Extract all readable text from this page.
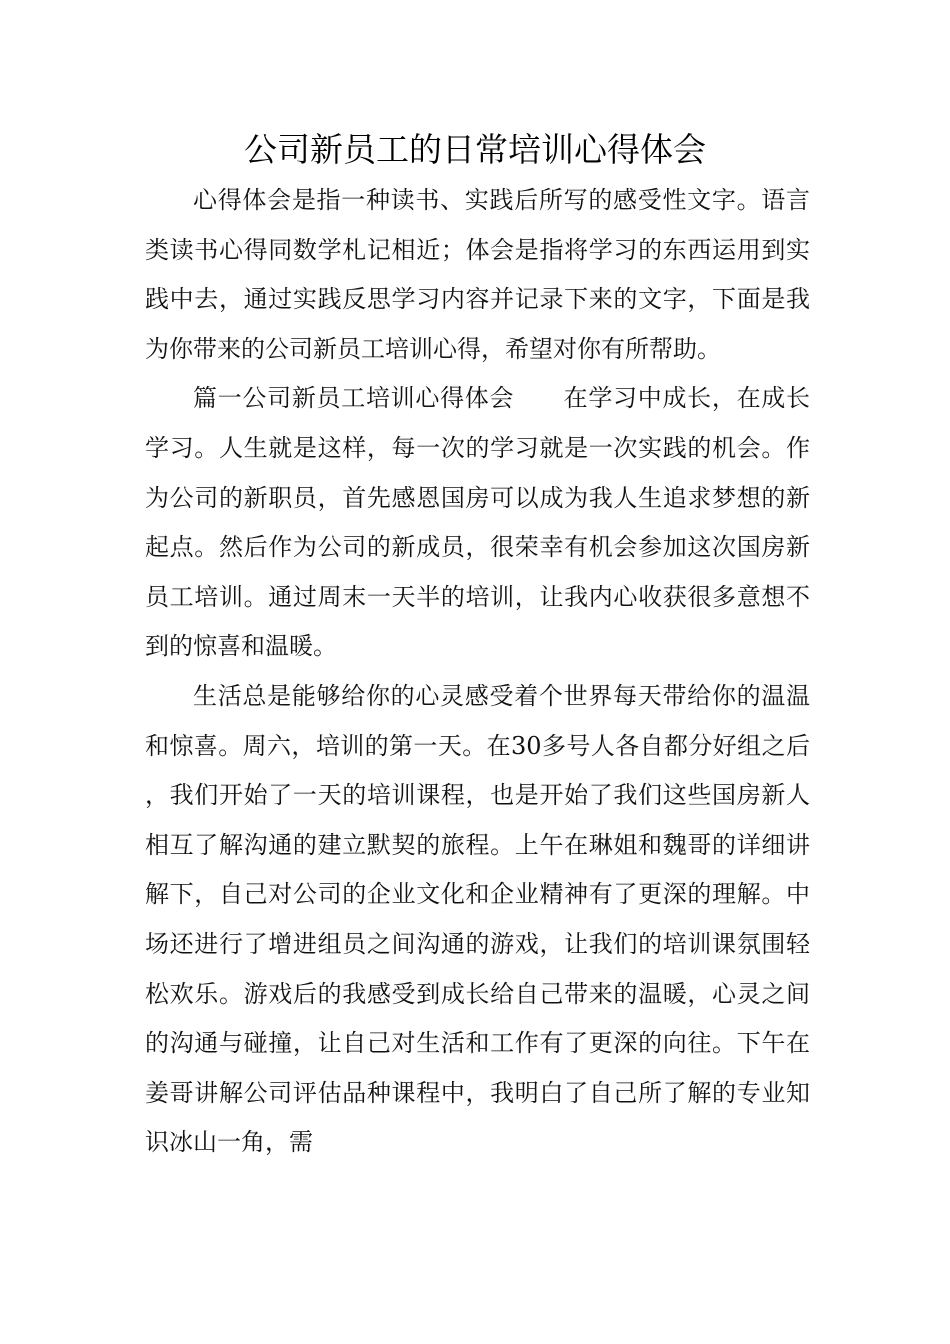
公司新员工的日常培训心得体会

心得体会是指一种读书、实践后所写的感受性文字。语言类读书心得同数学札记相近；体会是指将学习的东西运用到实践中去，通过实践反思学习内容并记录下来的文字，下面是我为你带来的公司新员工培训心得，希望对你有所帮助。

篇一公司新员工培训心得体会　　在学习中成长，在成长学习。人生就是这样，每一次的学习就是一次实践的机会。作为公司的新职员，首先感恩国房可以成为我人生追求梦想的新起点。然后作为公司的新成员，很荣幸有机会参加这次国房新员工培训。通过周末一天半的培训，让我内心收获很多意想不到的惊喜和温暖。

生活总是能够给你的心灵感受着个世界每天带给你的温温和惊喜。周六，培训的第一天。在30多号人各自都分好组之后，我们开始了一天的培训课程，也是开始了我们这些国房新人相互了解沟通的建立默契的旅程。上午在琳姐和魏哥的详细讲解下，自己对公司的企业文化和企业精神有了更深的理解。中场还进行了增进组员之间沟通的游戏，让我们的培训课氛围轻松欢乐。游戏后的我感受到成长给自己带来的温暖，心灵之间的沟通与碰撞，让自己对生活和工作有了更深的向往。下午在姜哥讲解公司评估品种课程中，我明白了自己所了解的专业知识冰山一角，需
